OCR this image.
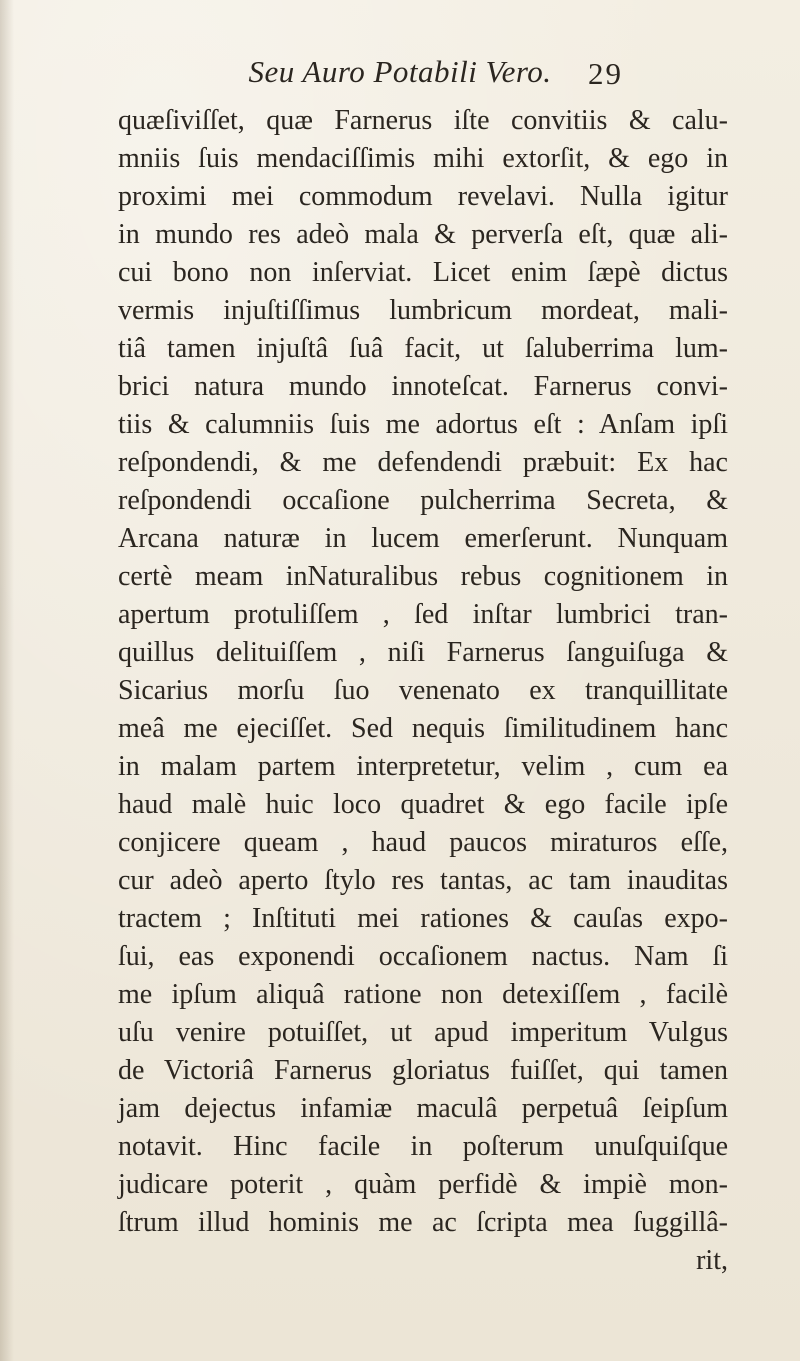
Seu Auro Potabili Vero.	29
quæſiviſſet, quæ Farnerus iſte convitiis & calu-
mniis ſuis mendaciſſimis mihi extorſit, & ego in
proximi mei commodum revelavi. Nulla igitur
in mundo res adeò mala & perverſa eſt, quæ ali-
cui bono non inſerviat. Licet enim ſæpè dictus
vermis injuſtiſſimus lumbricum mordeat, mali-
tiâ tamen injuſtâ ſuâ facit, ut ſaluberrima lum-
brici natura mundo innoteſcat. Farnerus convi-
tiis & calumniis ſuis me adortus eſt : Anſam ipſi
reſpondendi, & me defendendi præbuit: Ex hac
reſpondendi occaſione pulcherrima Secreta, &
Arcana naturæ in lucem emerſerunt. Nunquam
certè meam inNaturalibus rebus cognitionem in
apertum protuliſſem , ſed inſtar lumbrici tran-
quillus delituiſſem , niſi Farnerus ſanguiſuga &
Sicarius morſu ſuo venenato ex tranquillitate
meâ me ejeciſſet. Sed nequis ſimilitudinem hanc
in malam partem interpretetur, velim , cum ea
haud malè huic loco quadret & ego facile ipſe
conjicere queam , haud paucos miraturos eſſe,
cur adeò aperto ſtylo res tantas, ac tam inauditas
tractem ; Inſtituti mei rationes & cauſas expo-
ſui, eas exponendi occaſionem nactus. Nam ſi
me ipſum aliquâ ratione non detexiſſem , facilè
uſu venire potuiſſet, ut apud imperitum Vulgus
de Victoriâ Farnerus gloriatus fuiſſet, qui tamen
jam dejectus infamiæ maculâ perpetuâ ſeipſum
notavit. Hinc facile in poſterum unuſquiſque
judicare poterit , quàm perfidè & impiè mon-
ſtrum illud hominis me ac ſcripta mea ſuggillâ-
rit,
